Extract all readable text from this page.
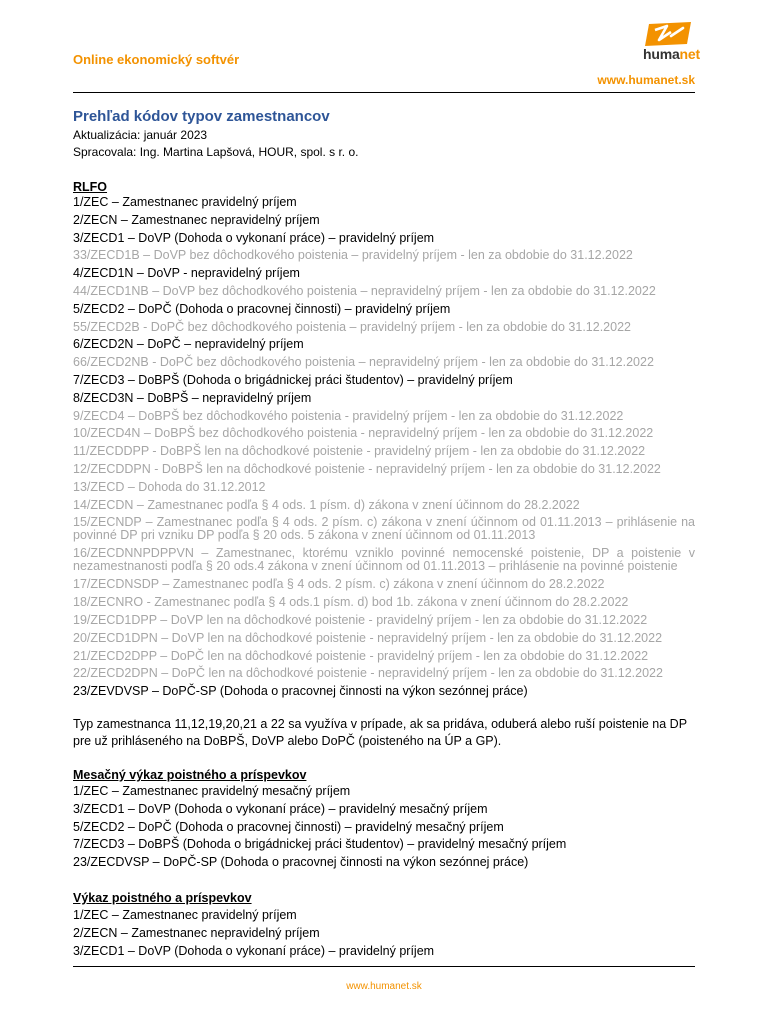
Online ekonomický softvér	humanet
www.humanet.sk
Prehľad kódov typov zamestnancov
Aktualizácia: január 2023
Spracovala: Ing. Martina Lapšová, HOUR, spol. s r. o.
RLFO
1/ZEC – Zamestnanec pravidelný príjem
2/ZECN – Zamestnanec nepravidelný príjem
3/ZECD1 – DoVP (Dohoda o vykonaní práce) – pravidelný príjem
33/ZECD1B – DoVP bez dôchodkového poistenia – pravidelný príjem - len za obdobie do 31.12.2022
4/ZECD1N – DoVP - nepravidelný príjem
44/ZECD1NB – DoVP bez dôchodkového poistenia – nepravidelný príjem - len za obdobie do 31.12.2022
5/ZECD2 – DoPČ (Dohoda o pracovnej činnosti) – pravidelný príjem
55/ZECD2B - DoPČ bez dôchodkového poistenia – pravidelný príjem - len za obdobie do 31.12.2022
6/ZECD2N – DoPČ – nepravidelný príjem
66/ZECD2NB - DoPČ bez dôchodkového poistenia – nepravidelný príjem - len za obdobie do 31.12.2022
7/ZECD3 – DoBPŠ (Dohoda o brigádnickej práci študentov) – pravidelný príjem
8/ZECD3N – DoBPŠ – nepravidelný príjem
9/ZECD4 – DoBPŠ bez dôchodkového poistenia - pravidelný príjem - len za obdobie do 31.12.2022
10/ZECD4N – DoBPŠ bez dôchodkového poistenia - nepravidelný príjem - len za obdobie do 31.12.2022
11/ZECDDPP - DoBPŠ len na dôchodkové poistenie - pravidelný príjem - len za obdobie do 31.12.2022
12/ZECDDPN - DoBPŠ len na dôchodkové poistenie - nepravidelný príjem - len za obdobie do 31.12.2022
13/ZECD – Dohoda do 31.12.2012
14/ZECDN – Zamestnanec podľa § 4 ods. 1 písm. d) zákona v znení účinnom do 28.2.2022
15/ZECNDP – Zamestnanec podľa § 4 ods. 2 písm. c) zákona v znení účinnom od 01.11.2013 – prihlásenie na povinné DP pri vzniku DP podľa § 20 ods. 5 zákona v znení účinnom od 01.11.2013
16/ZECDNNPDPPVN – Zamestnanec, ktorému vzniklo povinné nemocenské poistenie, DP a poistenie v nezamestnanosti podľa § 20 ods.4 zákona v znení účinnom od 01.11.2013 – prihlásenie na povinné poistenie
17/ZECDNSDP – Zamestnanec podľa § 4 ods. 2 písm. c) zákona v znení účinnom do 28.2.2022
18/ZECNRO - Zamestnanec podľa § 4 ods.1 písm. d) bod 1b. zákona v znení účinnom do 28.2.2022
19/ZECD1DPP – DoVP len na dôchodkové poistenie - pravidelný príjem - len za obdobie do 31.12.2022
20/ZECD1DPN – DoVP len na dôchodkové poistenie - nepravidelný príjem - len za obdobie do 31.12.2022
21/ZECD2DPP – DoPČ len na dôchodkové poistenie - pravidelný príjem - len za obdobie do 31.12.2022
22/ZECD2DPN – DoPČ len na dôchodkové poistenie - nepravidelný príjem - len za obdobie do 31.12.2022
23/ZEVDVSP – DoPČ-SP (Dohoda o pracovnej činnosti na výkon sezónnej práce)
Typ zamestnanca 11,12,19,20,21 a 22 sa využíva v prípade, ak sa pridáva, oduberá alebo ruší poistenie na DP pre už prihláseného na DoBPŠ, DoVP alebo DoPČ (poisteného na ÚP a GP).
Mesačný výkaz poistného a príspevkov
1/ZEC – Zamestnanec pravidelný mesačný príjem
3/ZECD1 – DoVP (Dohoda o vykonaní práce) – pravidelný mesačný príjem
5/ZECD2 – DoPČ (Dohoda o pracovnej činnosti) – pravidelný mesačný príjem
7/ZECD3 – DoBPŠ (Dohoda o brigádnickej práci študentov) – pravidelný mesačný príjem
23/ZECDVSP – DoPČ-SP (Dohoda o pracovnej činnosti na výkon sezónnej práce)
Výkaz poistného a príspevkov
1/ZEC – Zamestnanec pravidelný príjem
2/ZECN – Zamestnanec nepravidelný príjem
3/ZECD1 – DoVP (Dohoda o vykonaní práce) – pravidelný príjem
www.humanet.sk
